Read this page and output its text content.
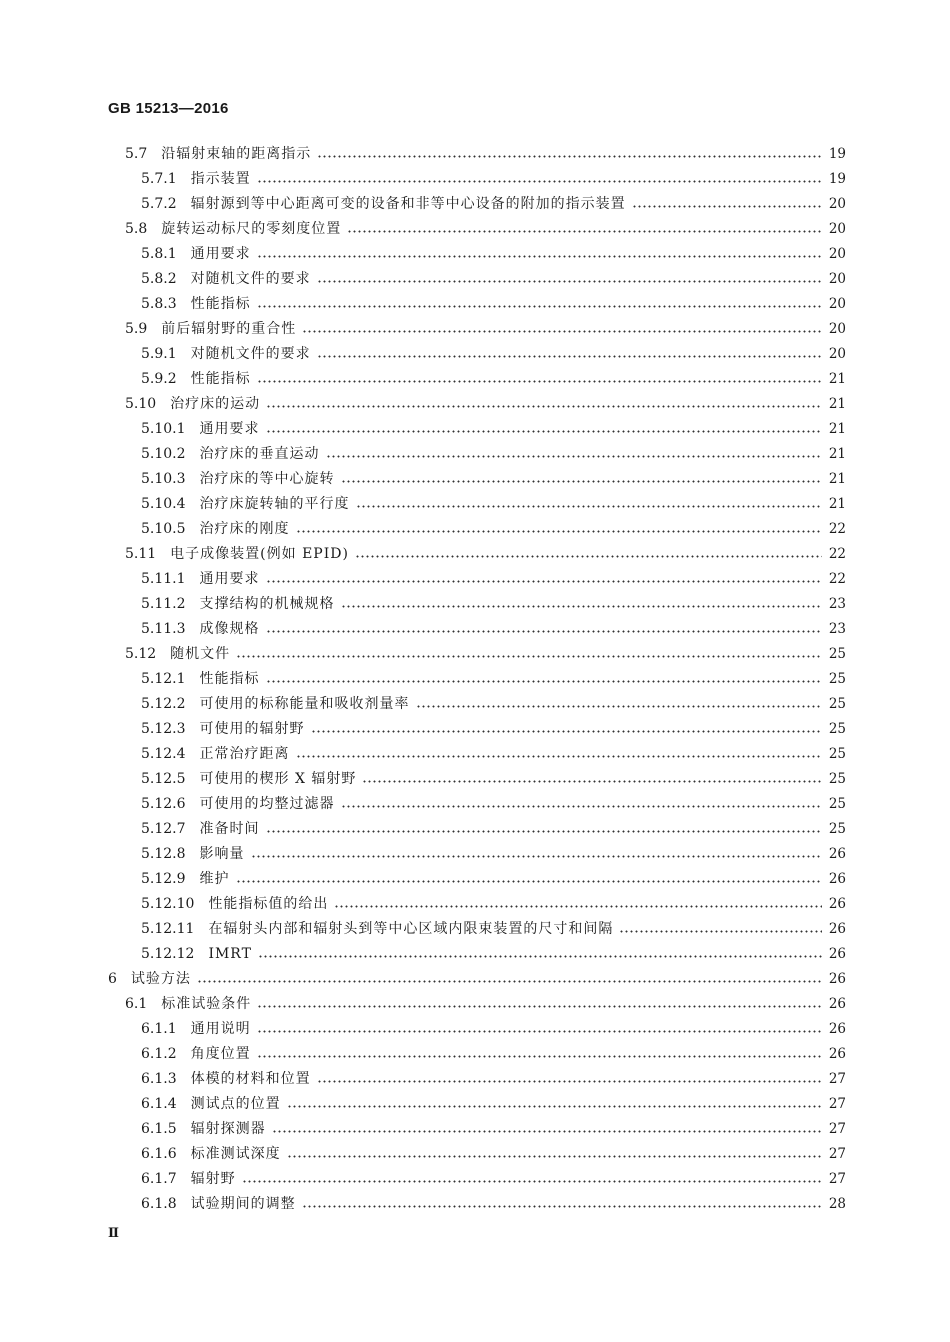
GB 15213—2016
5.7 沿辐射束轴的距离指示	19
5.7.1 指示装置	19
5.7.2 辐射源到等中心距离可变的设备和非等中心设备的附加的指示装置	20
5.8 旋转运动标尺的零刻度位置	20
5.8.1 通用要求	20
5.8.2 对随机文件的要求	20
5.8.3 性能指标	20
5.9 前后辐射野的重合性	20
5.9.1 对随机文件的要求	20
5.9.2 性能指标	21
5.10 治疗床的运动	21
5.10.1 通用要求	21
5.10.2 治疗床的垂直运动	21
5.10.3 治疗床的等中心旋转	21
5.10.4 治疗床旋转轴的平行度	21
5.10.5 治疗床的刚度	22
5.11 电子成像装置(例如 EPID)	22
5.11.1 通用要求	22
5.11.2 支撑结构的机械规格	23
5.11.3 成像规格	23
5.12 随机文件	25
5.12.1 性能指标	25
5.12.2 可使用的标称能量和吸收剂量率	25
5.12.3 可使用的辐射野	25
5.12.4 正常治疗距离	25
5.12.5 可使用的楔形 X 辐射野	25
5.12.6 可使用的均整过滤器	25
5.12.7 准备时间	25
5.12.8 影响量	26
5.12.9 维护	26
5.12.10 性能指标值的给出	26
5.12.11 在辐射头内部和辐射头到等中心区域内限束装置的尺寸和间隔	26
5.12.12 IMRT	26
6 试验方法	26
6.1 标准试验条件	26
6.1.1 通用说明	26
6.1.2 角度位置	26
6.1.3 体模的材料和位置	27
6.1.4 测试点的位置	27
6.1.5 辐射探测器	27
6.1.6 标准测试深度	27
6.1.7 辐射野	27
6.1.8 试验期间的调整	28
Ⅱ
